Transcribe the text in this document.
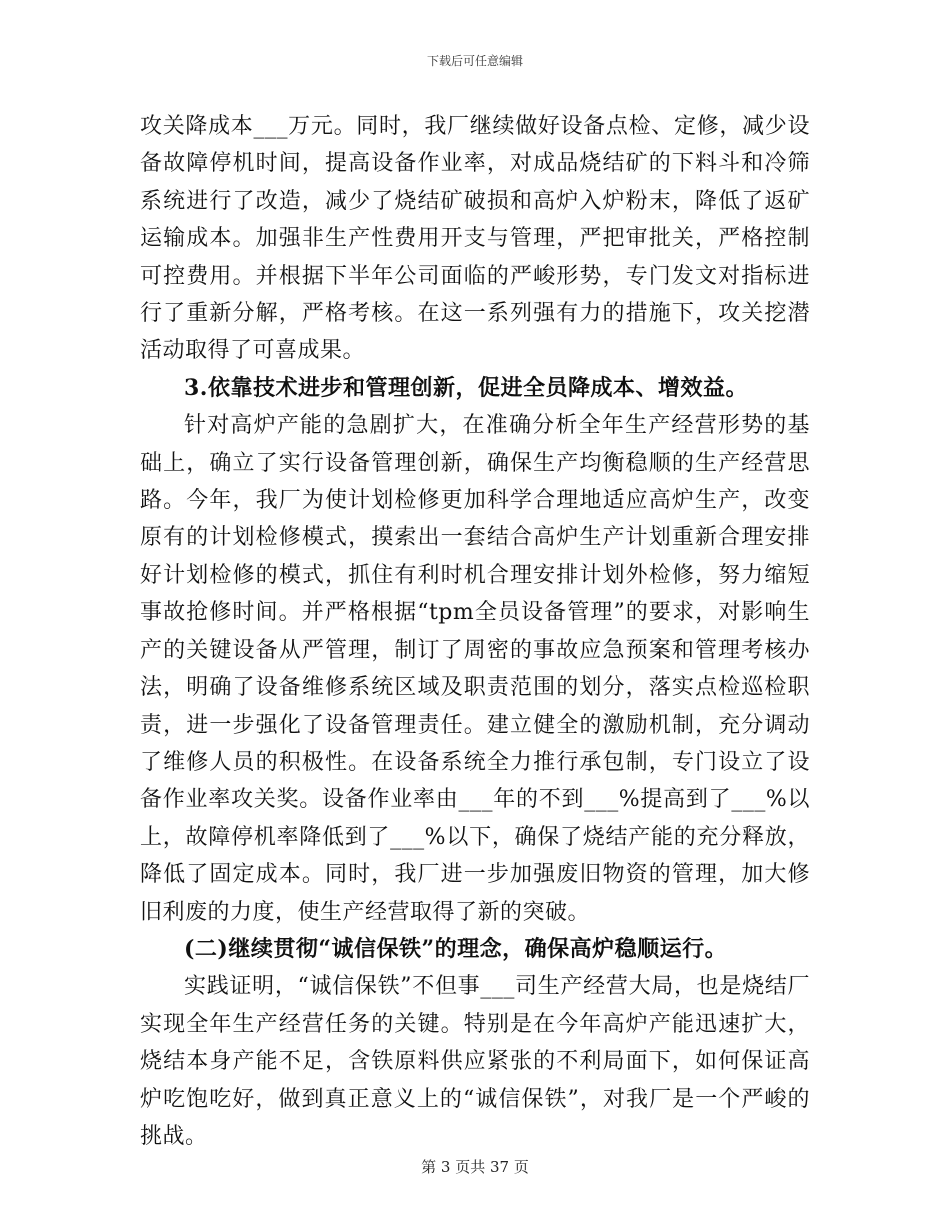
下载后可任意编辑

攻关降成本___万元。同时，我厂继续做好设备点检、定修，减少设备故障停机时间，提高设备作业率，对成品烧结矿的下料斗和冷筛系统进行了改造，减少了烧结矿破损和高炉入炉粉末，降低了返矿运输成本。加强非生产性费用开支与管理，严把审批关，严格控制可控费用。并根据下半年公司面临的严峻形势，专门发文对指标进行了重新分解，严格考核。在这一系列强有力的措施下，攻关挖潜活动取得了可喜成果。

3.依靠技术进步和管理创新，促进全员降成本、增效益。

针对高炉产能的急剧扩大，在准确分析全年生产经营形势的基础上，确立了实行设备管理创新，确保生产均衡稳顺的生产经营思路。今年，我厂为使计划检修更加科学合理地适应高炉生产，改变原有的计划检修模式，摸索出一套结合高炉生产计划重新合理安排好计划检修的模式，抓住有利时机合理安排计划外检修，努力缩短事故抢修时间。并严格根据“tpm全员设备管理”的要求，对影响生产的关键设备从严管理，制订了周密的事故应急预案和管理考核办法，明确了设备维修系统区域及职责范围的划分，落实点检巡检职责，进一步强化了设备管理责任。建立健全的激励机制，充分调动了维修人员的积极性。在设备系统全力推行承包制，专门设立了设备作业率攻关奖。设备作业率由___年的不到___%提高到了___%以上，故障停机率降低到了___%以下，确保了烧结产能的充分释放，降低了固定成本。同时，我厂进一步加强废旧物资的管理，加大修旧利废的力度，使生产经营取得了新的突破。

(二)继续贯彻“诚信保铁”的理念，确保高炉稳顺运行。

实践证明，“诚信保铁”不但事___司生产经营大局，也是烧结厂实现全年生产经营任务的关键。特别是在今年高炉产能迅速扩大，烧结本身产能不足，含铁原料供应紧张的不利局面下，如何保证高炉吃饱吃好，做到真正意义上的“诚信保铁”，对我厂是一个严峻的挑战。

第 3 页共 37 页
